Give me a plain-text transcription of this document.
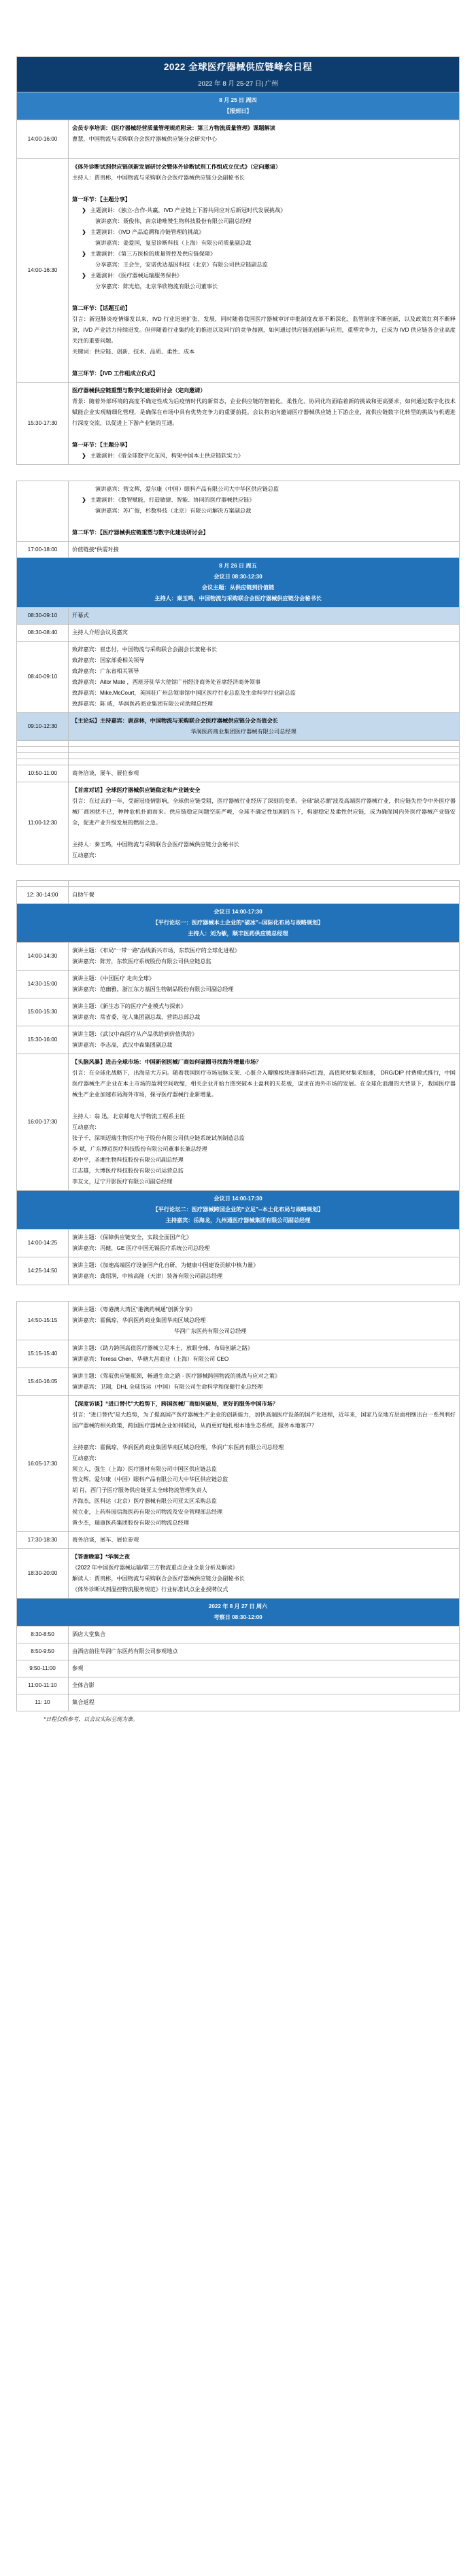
2022 全球医疗器械供应链峰会日程
2022 年 8 月 25-27 日| 广州	

8 月 25 日 周四
【报到日】	

14:00-16:00	会员专享培训：《医疗器械经营质量管理规范附录：第三方物流质量管理》课题解读
曹慧，中国物流与采购联合会医疗器械供应链分会研究中心

14:00-16:30	
《体外诊断试剂供应链创新发展研讨会暨体外诊断试剂工作组成立仪式》（定向邀请）
主持人：贾贵彬，中国物流与采购联合会医疗器械供应链分会副秘书长
第一环节：【主题分享】
❯ 主题演讲：《独立-合作-共赢，IVD 产业链上下游共同应对后新冠时代发展挑战》
演讲嘉宾：聂俊伟，南京诺唯赞生物科技股份有限公司副总经理
❯ 主题演讲：《IVD 产品追溯和冷链管理的挑战》
演讲嘉宾：姜爱国，复星诊断科技（上海）有限公司质量副总裁
❯ 主题演讲：《第三方医检的质量管控及供应链保障》
分享嘉宾：王会生，安诺优达基因科技（北京）有限公司供应链副总监
❯ 主题演讲：《医疗器械运输服务保供》
分享嘉宾：陈光焰，北京华欣物流有限公司董事长
第二环节：【话题互动】
引言：新冠肺炎疫情爆发以来，IVD 行业迅速扩张、发展，同时随着我国医疗器械审评审批制度改革不断深化、监管制度不断创新，以及政策红利不断释放，IVD 产业活力持续迸发。但伴随着行业集约化的推进以及同行的竞争加剧，如何通过供应链的创新与应用，重塑竞争力，已成为 IVD 供应链各企业高度关注的重要问题。
关键词：供应链、创新、技术、品质、柔性、成本
第三环节：【IVD 工作组成立仪式】

15:30-17:30	医疗器械供应链重塑与数字化建设研讨会（定向邀请）
背景：随着外部环境的高度不确定性成为后疫情时代的新常态，企业供应链的智能化、柔性化、协同化均面临着新的挑战和更高要求，如何通过数字化技术赋能企业实现精细化管理，是确保在市场中具有优势竞争力的重要前提。会议将定向邀请医疗器械供应链上下游企业，就供应链数字化转型的挑战与机遇进行深度交流，以促进上下游产业链的互通。
第一环节：【主题分享】
❯ 主题演讲：《借全球数字化东风，构架中国本土供应链软实力》

	演讲嘉宾：管文辉，爱尔康（中国）眼科产品有限公司大中华区供应链总监
❯ 主题演讲：《数智赋能，打造敏捷、智能、协同的医疗器械供应链》
演讲嘉宾：苏广俊，杉数科技（北京）有限公司解决方案副总裁
第二环节：【医疗器械供应链重塑与数字化建设研讨会】

17:00-18:00	价值链接*供需对接

8 月 26 日 周五
会议日 08:30-12:30
会议主题：从供应链到价值链
主持人：秦玉鸣，中国物流与采购联合会医疗器械供应链分会秘书长	

08:30-09:10	开幕式
08:30-08:40	主持人介绍会议及嘉宾
08:40-09:10	
致辞嘉宾：崔忠付，中国物流与采购联合会副会长兼秘书长
致辞嘉宾：国家部委相关领导
致辞嘉宾：广东省相关领导
致辞嘉宾：Aitor Mate ，西班牙驻华大使馆广州经济商务处首席经济商务领事
致辞嘉宾：Mike.McCourt，英国驻广州总领事馆中国区医疗行业总监及生命科学行业副总监
致辞嘉宾：陈 威，华润医药商业集团有限公司助理总经理

09:10-12:30	【主论坛】主持嘉宾：唐彦林，中国物流与采购联合会医疗器械供应链分会当值会长
华润医药商业集团医疗器械有限公司总经理

10:50-11:00	商务洽谈，展车、展位参观
11:00-12:30	【首席对话】全球医疗器械供应链稳定和产业链安全
引言：在过去的一年，受新冠疫情影响，全球供应链受阻，医疗器械行业经历了深刻的变革。全球“缺芯潮”波及高端医疗器械行业，供应链失控令中外医疗器械厂商困扰不已，种种危机扑面而来。供应链稳定问题空前严峻，全球不确定性加剧的当下，构建稳定及柔性供应链，成为确保国内外医疗器械产业链安全，促进产业升级发展的燃眉之急。
主持人：秦玉鸣，中国物流与采购联合会医疗器械供应链分会秘书长
互动嘉宾：

12: 30-14:00	自助午餐

会议日 14:00-17:30
【平行论坛一：医疗器械本土企业的“破冰”--国际化布局与战略规划】
主持人：刘为敏，顺丰医药供应链总经理	

14:00-14:30	演讲主题：《布局“一带一路”沿线新兴市场，东软医疗的全球化进程》
演讲嘉宾：陈芳，东软医疗系统股份有限公司供应链总监

14:30-15:00	演讲主题：《中国医疗 走向全球》
演讲嘉宾：范幽雅，浙江东方基因生物制品股份有限公司副总经理

15:00-15:30	演讲主题：《新生态下的医疗产业模式与探索》
演讲嘉宾：常省委，驼人集团副总裁、营销总部总裁

15:30-16:00	演讲主题：《武汉中森医疗从产品供给到价值供给》
演讲嘉宾：李志高，武汉中森集团副总裁

16:00-17:30	
【头脑风暴】进击全球市场：中国新创医械厂商如何破圈寻找海外增量市场？
引言：在全球化战略下，出海是大方向。随着我国医疗市场冠脉支架、心脏介入瓣膜板块逐渐转向红海，高值耗材集采加速， DRG/DIP 付费模式推行，中国医疗器械生产企业在本土市场的盈利空间收缩，相关企业开始力图突破本土盈利的天花板，谋求在海外市场的发展。在全球化浪潮的大背景下，我国医疗器械生产企业加速布局海外市场，探寻医疗器械行业新增量。
主持人：翁 迅，北京邮电大学物流工程系主任
互动嘉宾：
张子千，深圳迈瑞生物医疗电子股份有限公司供应链系统试剂制造总监
李 斌，广东博迈医疗科技股份有限公司董事长兼总经理
邓中平，圣湘生物科技股份有限公司副总经理
江志雄，大博医疗科技股份有限公司运营总监
李友文，辽宁开影医疗有限公司副总经理

会议日 14:00-17:30
【平行论坛二：医疗器械跨国企业的“立足”--本土化布局与战略规划】
主持嘉宾：岳海龙，九州通医疗器械集团有限公司副总经理	

14:00-14:25	演讲主题：《保障供应链安全，实践全面国产化》
演讲嘉宾：冯健，GE 医疗中国无锡医疗系统公司总经理

14:25-14:50	演讲主题：《加速高端医疗设备国产化自研，为健康中国建设贡献中核力量》
演讲嘉宾：龚绍润，中核高能（天津）装备有限公司副总经理
14:50-15:15	演讲主题：《粤港澳大湾区“港澳药械通”创新分享》
演讲嘉宾：霍佩琼，华润医药商业集团华南区域总经理
华润广东医药有限公司总经理

15:15-15:40	演讲主题：《助力跨国高值医疗器械立足本土，放眼全球，布局创新之路》
演讲嘉宾：Teresa Chen，华瑭大昌商业（上海）有限公司 CEO

15:40-16:05	演讲主题：《驾驭供应链瓶颈，畅通生命之路 - 医疗器械跨国物流的挑战与应对之策》
演讲嘉宾：卫翔，DHL 全球货运（中国）有限公司生命科学和保健行业总经理

16:05-17:30	
【深度访谈】“进口替代”大趋势下，跨国医械厂商如何破局，更好的服务中国市场？
引言：“进口替代”是大趋势，为了提高国产医疗器械生产企业的创新能力，加快高端医疗设备的国产化进程，近年来，国家乃至地方层面相继出台一系列利好国产器械的相关政策，跨国医疗器械企业如何破局，从而更好地扎根本地生态系统，服务本地客户？
主持嘉宾：霍佩琼，华润医药商业集团华南区域总经理，华润广东医药有限公司总经理
互动嘉宾：
须立人，强生（上海）医疗器材有限公司中国区供应链总监
管文辉，爱尔康（中国）眼科产品有限公司大中华区供应链总监
胡 肖，西门子医疗服务供应链亚太全球物流管理负责人
齐海杰，医科达（北京）医疗器械有限公司亚太区采购总监
侯立业，上药科园信海医药有限公司物流及安全管理部总经理
黄少杰，瑞康医药集团股份有限公司物流总经理

17:30-18:30	商务洽谈，展车、展位参观
18:30-20:00	【答谢晚宴】*华润之夜
《2022 年中国医疗器械运输/第三方物流重点企业全景分析及解读》
解读人：贾贵彬，中国物流与采购联合会医疗器械供应链分会副秘书长
《体外诊断试剂温控物流服务规范》行业标准试点企业授牌仪式

2022 年 8 月 27 日 周六
考察日 08:30-12:00	

8:30-8:50	酒店大堂集合
8:50-9:50	由酒店前往华润广东医药有限公司参观地点
9:50-11:00	参观
11:00-11:10	全体合影
11: 10	集合返程
*日程仅供参考，以会议实际呈现为准。
